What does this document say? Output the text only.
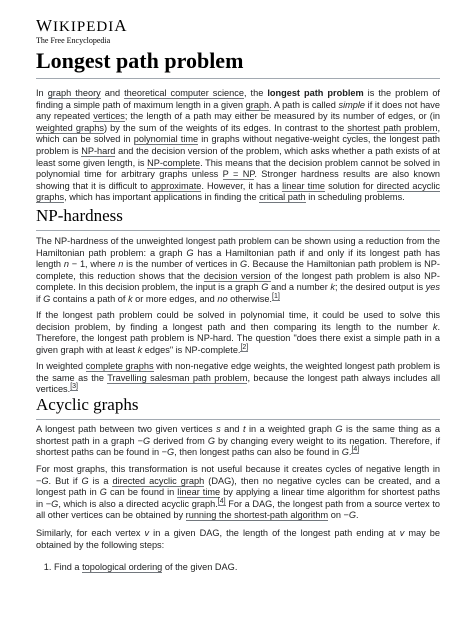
WIKIPEDIA
The Free Encyclopedia
Longest path problem

In graph theory and theoretical computer science, the longest path problem is the problem of finding a simple path of maximum length in a given graph. A path is called simple if it does not have any repeated vertices; the length of a path may either be measured by its number of edges, or (in weighted graphs) by the sum of the weights of its edges. In contrast to the shortest path problem, which can be solved in polynomial time in graphs without negative-weight cycles, the longest path problem is NP-hard and the decision version of the problem, which asks whether a path exists of at least some given length, is NP-complete. This means that the decision problem cannot be solved in polynomial time for arbitrary graphs unless P = NP. Stronger hardness results are also known showing that it is difficult to approximate. However, it has a linear time solution for directed acyclic graphs, which has important applications in finding the critical path in scheduling problems.

NP-hardness

The NP-hardness of the unweighted longest path problem can be shown using a reduction from the Hamiltonian path problem: a graph G has a Hamiltonian path if and only if its longest path has length n − 1, where n is the number of vertices in G. Because the Hamiltonian path problem is NP-complete, this reduction shows that the decision version of the longest path problem is also NP-complete. In this decision problem, the input is a graph G and a number k; the desired output is yes if G contains a path of k or more edges, and no otherwise.[1]

If the longest path problem could be solved in polynomial time, it could be used to solve this decision problem, by finding a longest path and then comparing its length to the number k. Therefore, the longest path problem is NP-hard. The question "does there exist a simple path in a given graph with at least k edges" is NP-complete.[2]

In weighted complete graphs with non-negative edge weights, the weighted longest path problem is the same as the Travelling salesman path problem, because the longest path always includes all vertices.[3]

Acyclic graphs

A longest path between two given vertices s and t in a weighted graph G is the same thing as a shortest path in a graph −G derived from G by changing every weight to its negation. Therefore, if shortest paths can be found in −G, then longest paths can also be found in G.[4]

For most graphs, this transformation is not useful because it creates cycles of negative length in −G. But if G is a directed acyclic graph (DAG), then no negative cycles can be created, and a longest path in G can be found in linear time by applying a linear time algorithm for shortest paths in −G, which is also a directed acyclic graph.[4] For a DAG, the longest path from a source vertex to all other vertices can be obtained by running the shortest-path algorithm on −G.

Similarly, for each vertex v in a given DAG, the length of the longest path ending at v may be obtained by the following steps:

1. Find a topological ordering of the given DAG.
